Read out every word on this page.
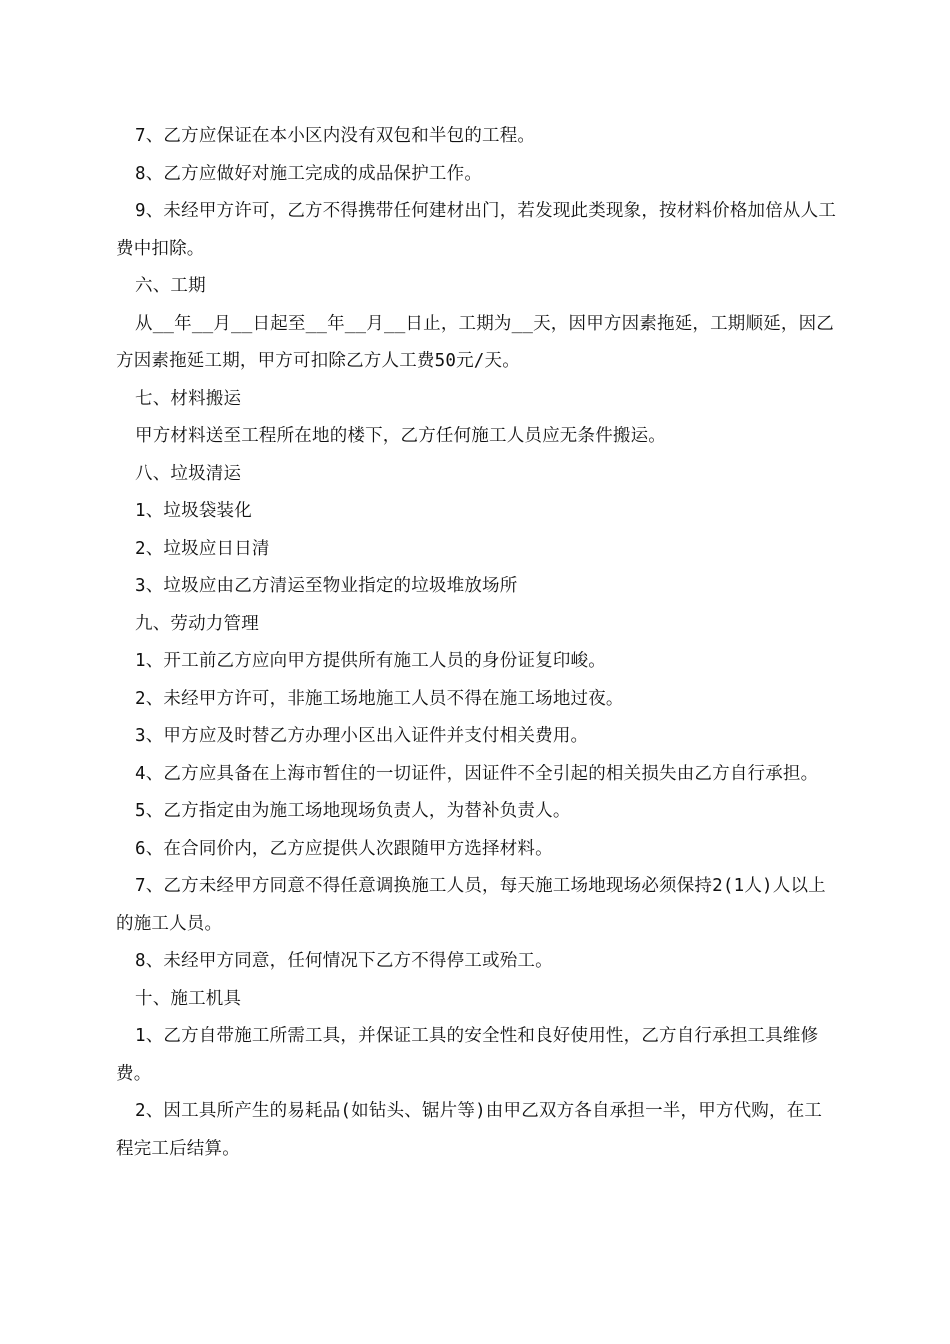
7、乙方应保证在本小区内没有双包和半包的工程。

8、乙方应做好对施工完成的成品保护工作。

9、未经甲方许可，乙方不得携带任何建材出门，若发现此类现象，按材料价格加倍从人工费中扣除。

六、工期

从__年__月__日起至__年__月__日止，工期为__天，因甲方因素拖延，工期顺延，因乙方因素拖延工期，甲方可扣除乙方人工费50元/天。

七、材料搬运

甲方材料送至工程所在地的楼下，乙方任何施工人员应无条件搬运。

八、垃圾清运

1、垃圾袋装化

2、垃圾应日日清

3、垃圾应由乙方清运至物业指定的垃圾堆放场所

九、劳动力管理

1、开工前乙方应向甲方提供所有施工人员的身份证复印峻。

2、未经甲方许可，非施工场地施工人员不得在施工场地过夜。

3、甲方应及时替乙方办理小区出入证件并支付相关费用。

4、乙方应具备在上海市暂住的一切证件，因证件不全引起的相关损失由乙方自行承担。

5、乙方指定由为施工场地现场负责人，为替补负责人。

6、在合同价内，乙方应提供人次跟随甲方选择材料。

7、乙方未经甲方同意不得任意调换施工人员，每天施工场地现场必须保持2(1人)人以上的施工人员。

8、未经甲方同意，任何情况下乙方不得停工或殆工。

十、施工机具

1、乙方自带施工所需工具，并保证工具的安全性和良好使用性，乙方自行承担工具维修费。

2、因工具所产生的易耗品(如钻头、锯片等)由甲乙双方各自承担一半，甲方代购，在工程完工后结算。
